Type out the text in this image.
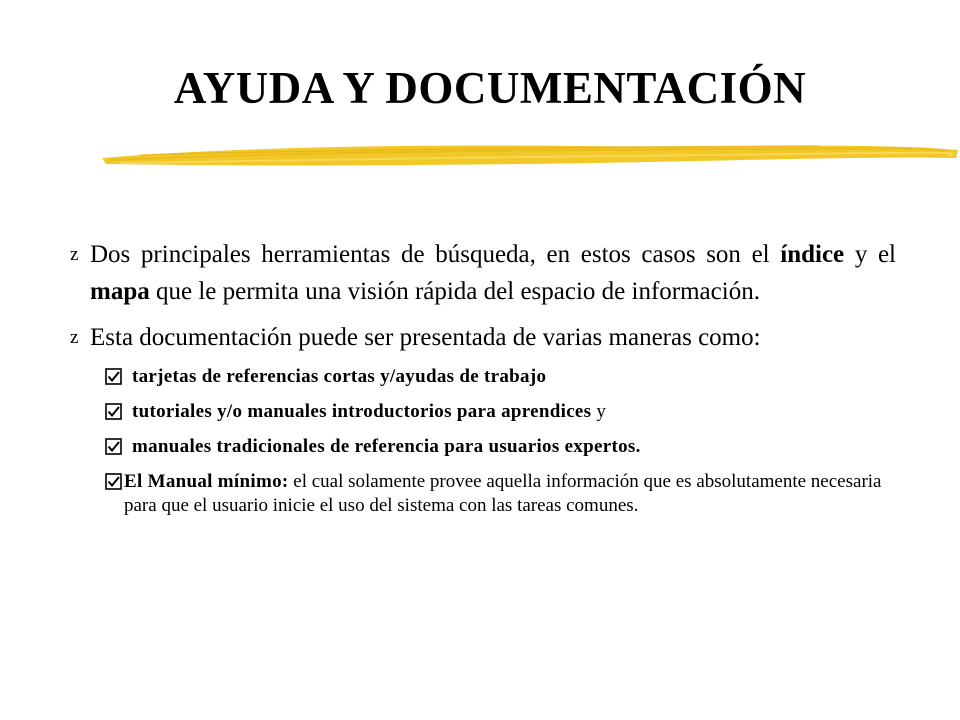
AYUDA Y DOCUMENTACIÓN
z Dos principales herramientas de búsqueda, en estos casos son el índice y el mapa que le permita una visión rápida del espacio de información.
z Esta documentación puede ser presentada de varias maneras como:
tarjetas de referencias cortas y/ayudas de trabajo
tutoriales y/o manuales introductorios para aprendices y
manuales tradicionales de referencia para usuarios expertos.
El Manual mínimo: el cual solamente provee aquella información que es absolutamente necesaria para que el usuario inicie el uso del sistema con las tareas comunes.
